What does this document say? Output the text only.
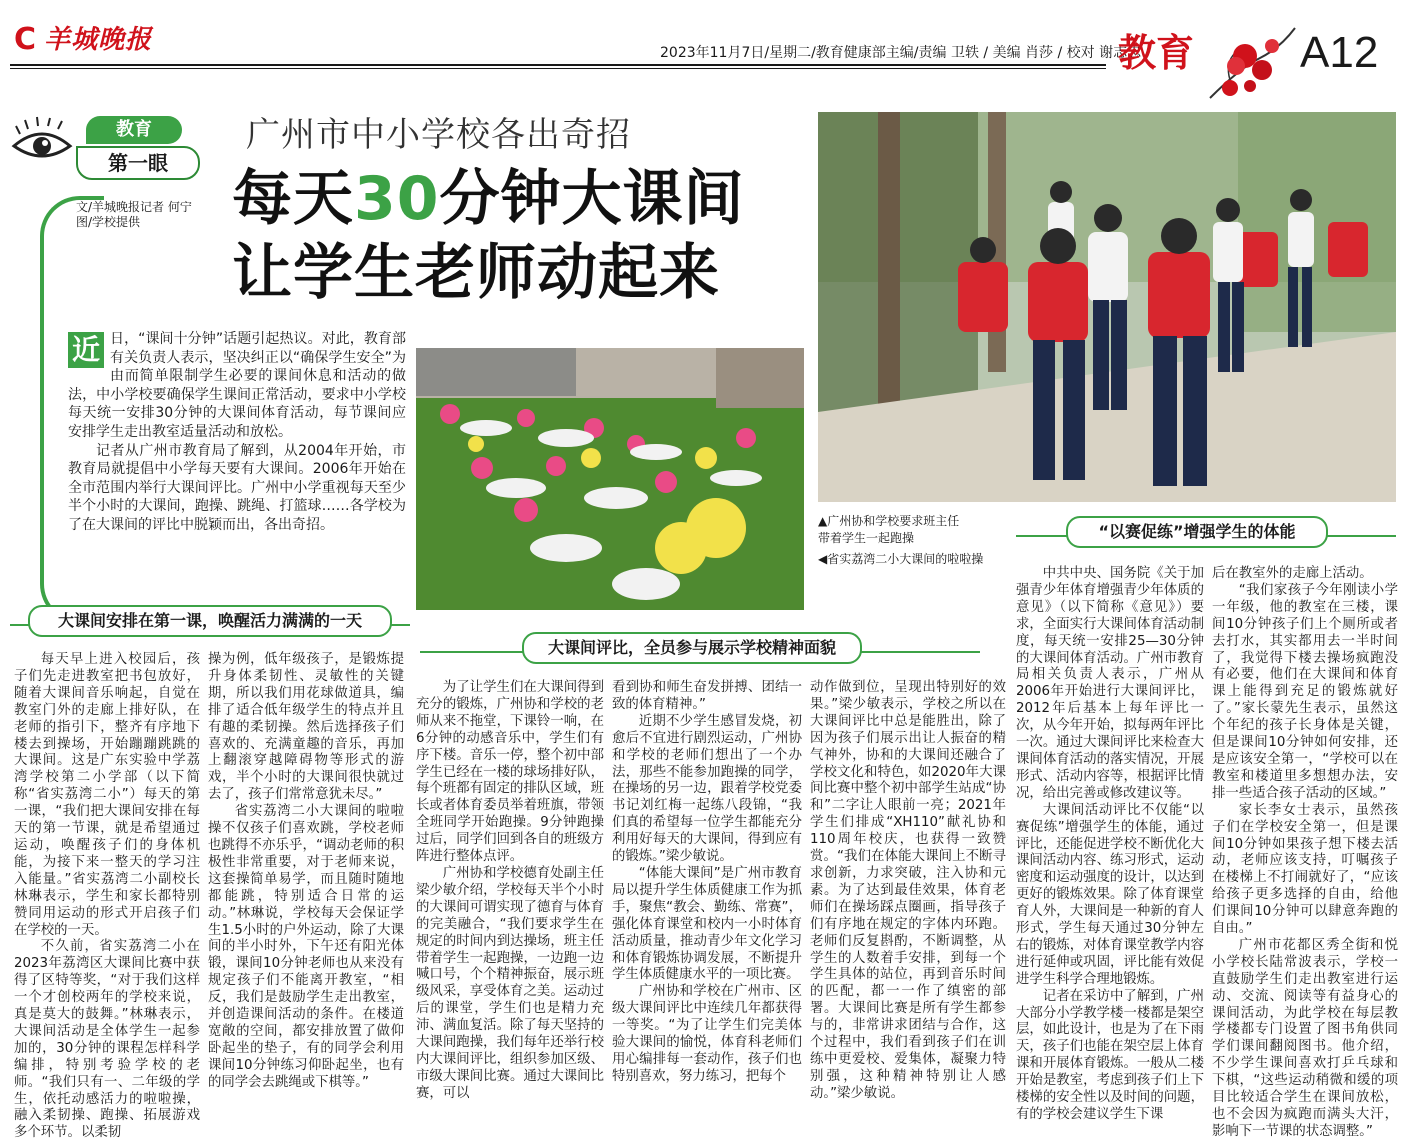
C 羊城晚报	2023年11月7日/星期二/教育健康部主编/责编 卫轶 / 美编 肖莎 / 校对 谢志忠
教育 A12
教育
第一眼
文/羊城晚报记者 何宁
图/学校提供
广州市中小学校各出奇招
每天30分钟大课间
让学生老师动起来
▲广州协和学校要求班主任
带着学生一起跑操
◀省实荔湾二小大课间的啦啦操

近 日，“课间十分钟”话题引起热议。对此，教育部有关负责人表示，坚决纠正以“确保学生安全”为由而简单限制学生必要的课间休息和活动的做法，中小学校要确保学生课间正常活动，要求中小学校每天统一安排30分钟的大课间体育活动，每节课间应安排学生走出教室适量活动和放松。

记者从广州市教育局了解到，从2004年开始，市教育局就提倡中小学每天要有大课间。2006年开始在全市范围内举行大课间评比。广州中小学重视每天至少半个小时的大课间，跑操、跳绳、打篮球……各学校为了在大课间的评比中脱颖而出，各出奇招。

大课间安排在第一课，唤醒活力满满的一天
大课间评比，全员参与展示学校精神面貌
“以赛促练”增强学生的体能

每天早上进入校园后，孩子们先走进教室把书包放好，随着大课间音乐响起，自觉在教室门外的走廊上排好队，在老师的指引下，整齐有序地下楼去到操场，开始蹦蹦跳跳的大课间。这是广东实验中学荔湾学校第二小学部（以下简称“省实荔湾二小”）每天的第一课，“我们把大课间安排在每天的第一节课，就是希望通过运动，唤醒孩子们的身体机能，为接下来一整天的学习注入能量。”省实荔湾二小副校长林琳表示，学生和家长都特别赞同用运动的形式开启孩子们在学校的一天。

不久前，省实荔湾二小在2023年荔湾区大课间比赛中获得了区特等奖，“对于我们这样一个才创校两年的学校来说，真是莫大的鼓舞。”林琳表示，大课间活动是全体学生一起参加的，30分钟的课程怎样科学编排，特别考验学校的老师。“我们只有一、二年级的学生，依托动感活力的啦啦操，融入柔韧操、跑操、拓展游戏多个环节。以柔韧

操为例，低年级孩子，是锻炼提升身体柔韧性、灵敏性的关键期，所以我们用花球做道具，编排了适合低年级学生的特点并且有趣的柔韧操。然后选择孩子们喜欢的、充满童趣的音乐，再加上翻滚穿越障碍物等形式的游戏，半个小时的大课间很快就过去了，孩子们常常意犹未尽。”

省实荔湾二小大课间的啦啦操不仅孩子们喜欢跳，学校老师也跳得不亦乐乎，“调动老师的积极性非常重要，对于老师来说，这套操简单易学，而且随时随地都能跳，特别适合日常的运动。”林琳说，学校每天会保证学生1.5小时的户外运动，除了大课间的半小时外，下午还有阳光体锻，课间10分钟老师也从来没有规定孩子们不能离开教室，“相反，我们是鼓励学生走出教室，并创造课间活动的条件。在楼道宽敞的空间，都安排放置了做仰卧起坐的垫子，有的同学会利用课间10分钟练习仰卧起坐，也有的同学会去跳绳或下棋等。”

为了让学生们在大课间得到充分的锻炼，广州协和学校的老师从来不拖堂，下课铃一响，在6分钟的动感音乐中，学生们有序下楼。音乐一停，整个初中部学生已经在一楼的球场排好队，每个班都有固定的排队区域，班长或者体育委员举着班旗，带领全班同学开始跑操。9分钟跑操过后，同学们回到各自的班级方阵进行整体点评。

广州协和学校德育处副主任梁少敏介绍，学校每天半个小时的大课间可谓实现了德育与体育的完美融合，“我们要求学生在规定的时间内到达操场，班主任带着学生一起跑操，一边跑一边喊口号，个个精神振奋，展示班级风采，享受体育之美。运动过后的课堂，学生们也是精力充沛、满血复活。除了每天坚持的大课间跑操，我们每年还举行校内大课间评比，组织参加区级、市级大课间比赛。通过大课间比赛，可以

看到协和师生奋发拼搏、团结一致的体育精神。”

近期不少学生感冒发烧，初愈后不宜进行剧烈运动，广州协和学校的老师们想出了一个办法，那些不能参加跑操的同学，在操场的另一边，跟着学校党委书记刘红梅一起练八段锦，“我们真的希望每一位学生都能充分利用好每天的大课间，得到应有的锻炼。”梁少敏说。

“体能大课间”是广州市教育局以提升学生体质健康工作为抓手，聚焦“教会、勤练、常赛”，强化体育课堂和校内一小时体育活动质量，推动青少年文化学习和体育锻炼协调发展，不断提升学生体质健康水平的一项比赛。

广州协和学校在广州市、区级大课间评比中连续几年都获得一等奖。“为了让学生们完美体验大课间的愉悦，体育科老师们用心编排每一套动作，孩子们也特别喜欢，努力练习，把每个

动作做到位，呈现出特别好的效果。”梁少敏表示，学校之所以在大课间评比中总是能胜出，除了因为孩子们展示出让人振奋的精气神外，协和的大课间还融合了学校文化和特色，如2020年大课间比赛中整个初中部学生站成“协和”二字让人眼前一亮；2021年学生们排成“XH110”献礼协和110周年校庆，也获得一致赞赏。“我们在体能大课间上不断寻求创新，力求突破，注入协和元素。为了达到最佳效果，体育老师们在操场踩点圈画，指导孩子们有序地在规定的字体内环跑。老师们反复斟酌，不断调整，从学生的人数着手安排，到每一个学生具体的站位，再到音乐时间的匹配，都一一作了缜密的部署。大课间比赛是所有学生都参与的，非常讲求团结与合作，这个过程中，我们看到孩子们在训练中更爱校、爱集体，凝聚力特别强，这种精神特别让人感动。”梁少敏说。

中共中央、国务院《关于加强青少年体育增强青少年体质的意见》（以下简称《意见》）要求，全面实行大课间体育活动制度，每天统一安排25—30分钟的大课间体育活动。广州市教育局相关负责人表示，广州从2006年开始进行大课间评比，2012年后基本上每年评比一次，从今年开始，拟每两年评比一次。通过大课间评比来检查大课间体育活动的落实情况，开展形式、活动内容等，根据评比情况，给出完善或修改建议等。

大课间活动评比不仅能“以赛促练”增强学生的体能，通过评比，还能促进学校不断优化大课间活动内容、练习形式，运动密度和运动强度的设计，以达到更好的锻炼效果。除了体育课堂育人外，大课间是一种新的育人形式，学生每天通过30分钟左右的锻炼，对体育课堂教学内容进行延伸或巩固，评比能有效促进学生科学合理地锻炼。

记者在采访中了解到，广州大部分小学教学楼一楼都是架空层，如此设计，也是为了在下雨天，孩子们也能在架空层上体育课和开展体育锻炼。一般从二楼开始是教室，考虑到孩子们上下楼梯的安全性以及时间的问题，有的学校会建议学生下课

后在教室外的走廊上活动。

“我们家孩子今年刚读小学一年级，他的教室在三楼，课间10分钟孩子们上个厕所或者去打水，其实都用去一半时间了，我觉得下楼去操场疯跑没有必要，他们在大课间和体育课上能得到充足的锻炼就好了。”家长蒙先生表示，虽然这个年纪的孩子长身体是关键，但是课间10分钟如何安排，还是应该安全第一，“学校可以在教室和楼道里多想想办法，安排一些适合孩子活动的区域。”

家长李女士表示，虽然孩子们在学校安全第一，但是课间10分钟如果孩子想下楼去活动，老师应该支持，叮嘱孩子在楼梯上不打闹就好了，“应该给孩子更多选择的自由，给他们课间10分钟可以肆意奔跑的自由。”

广州市花都区秀全街和悦小学校长陆常波表示，学校一直鼓励学生们走出教室进行运动、交流、阅读等有益身心的课间活动，为此学校在每层教学楼都专门设置了图书角供同学们课间翻阅图书。他介绍，不少学生课间喜欢打乒乓球和下棋，“这些运动稍微和缓的项目比较适合学生在课间放松，也不会因为疯跑而满头大汗，影响下一节课的状态调整。”
